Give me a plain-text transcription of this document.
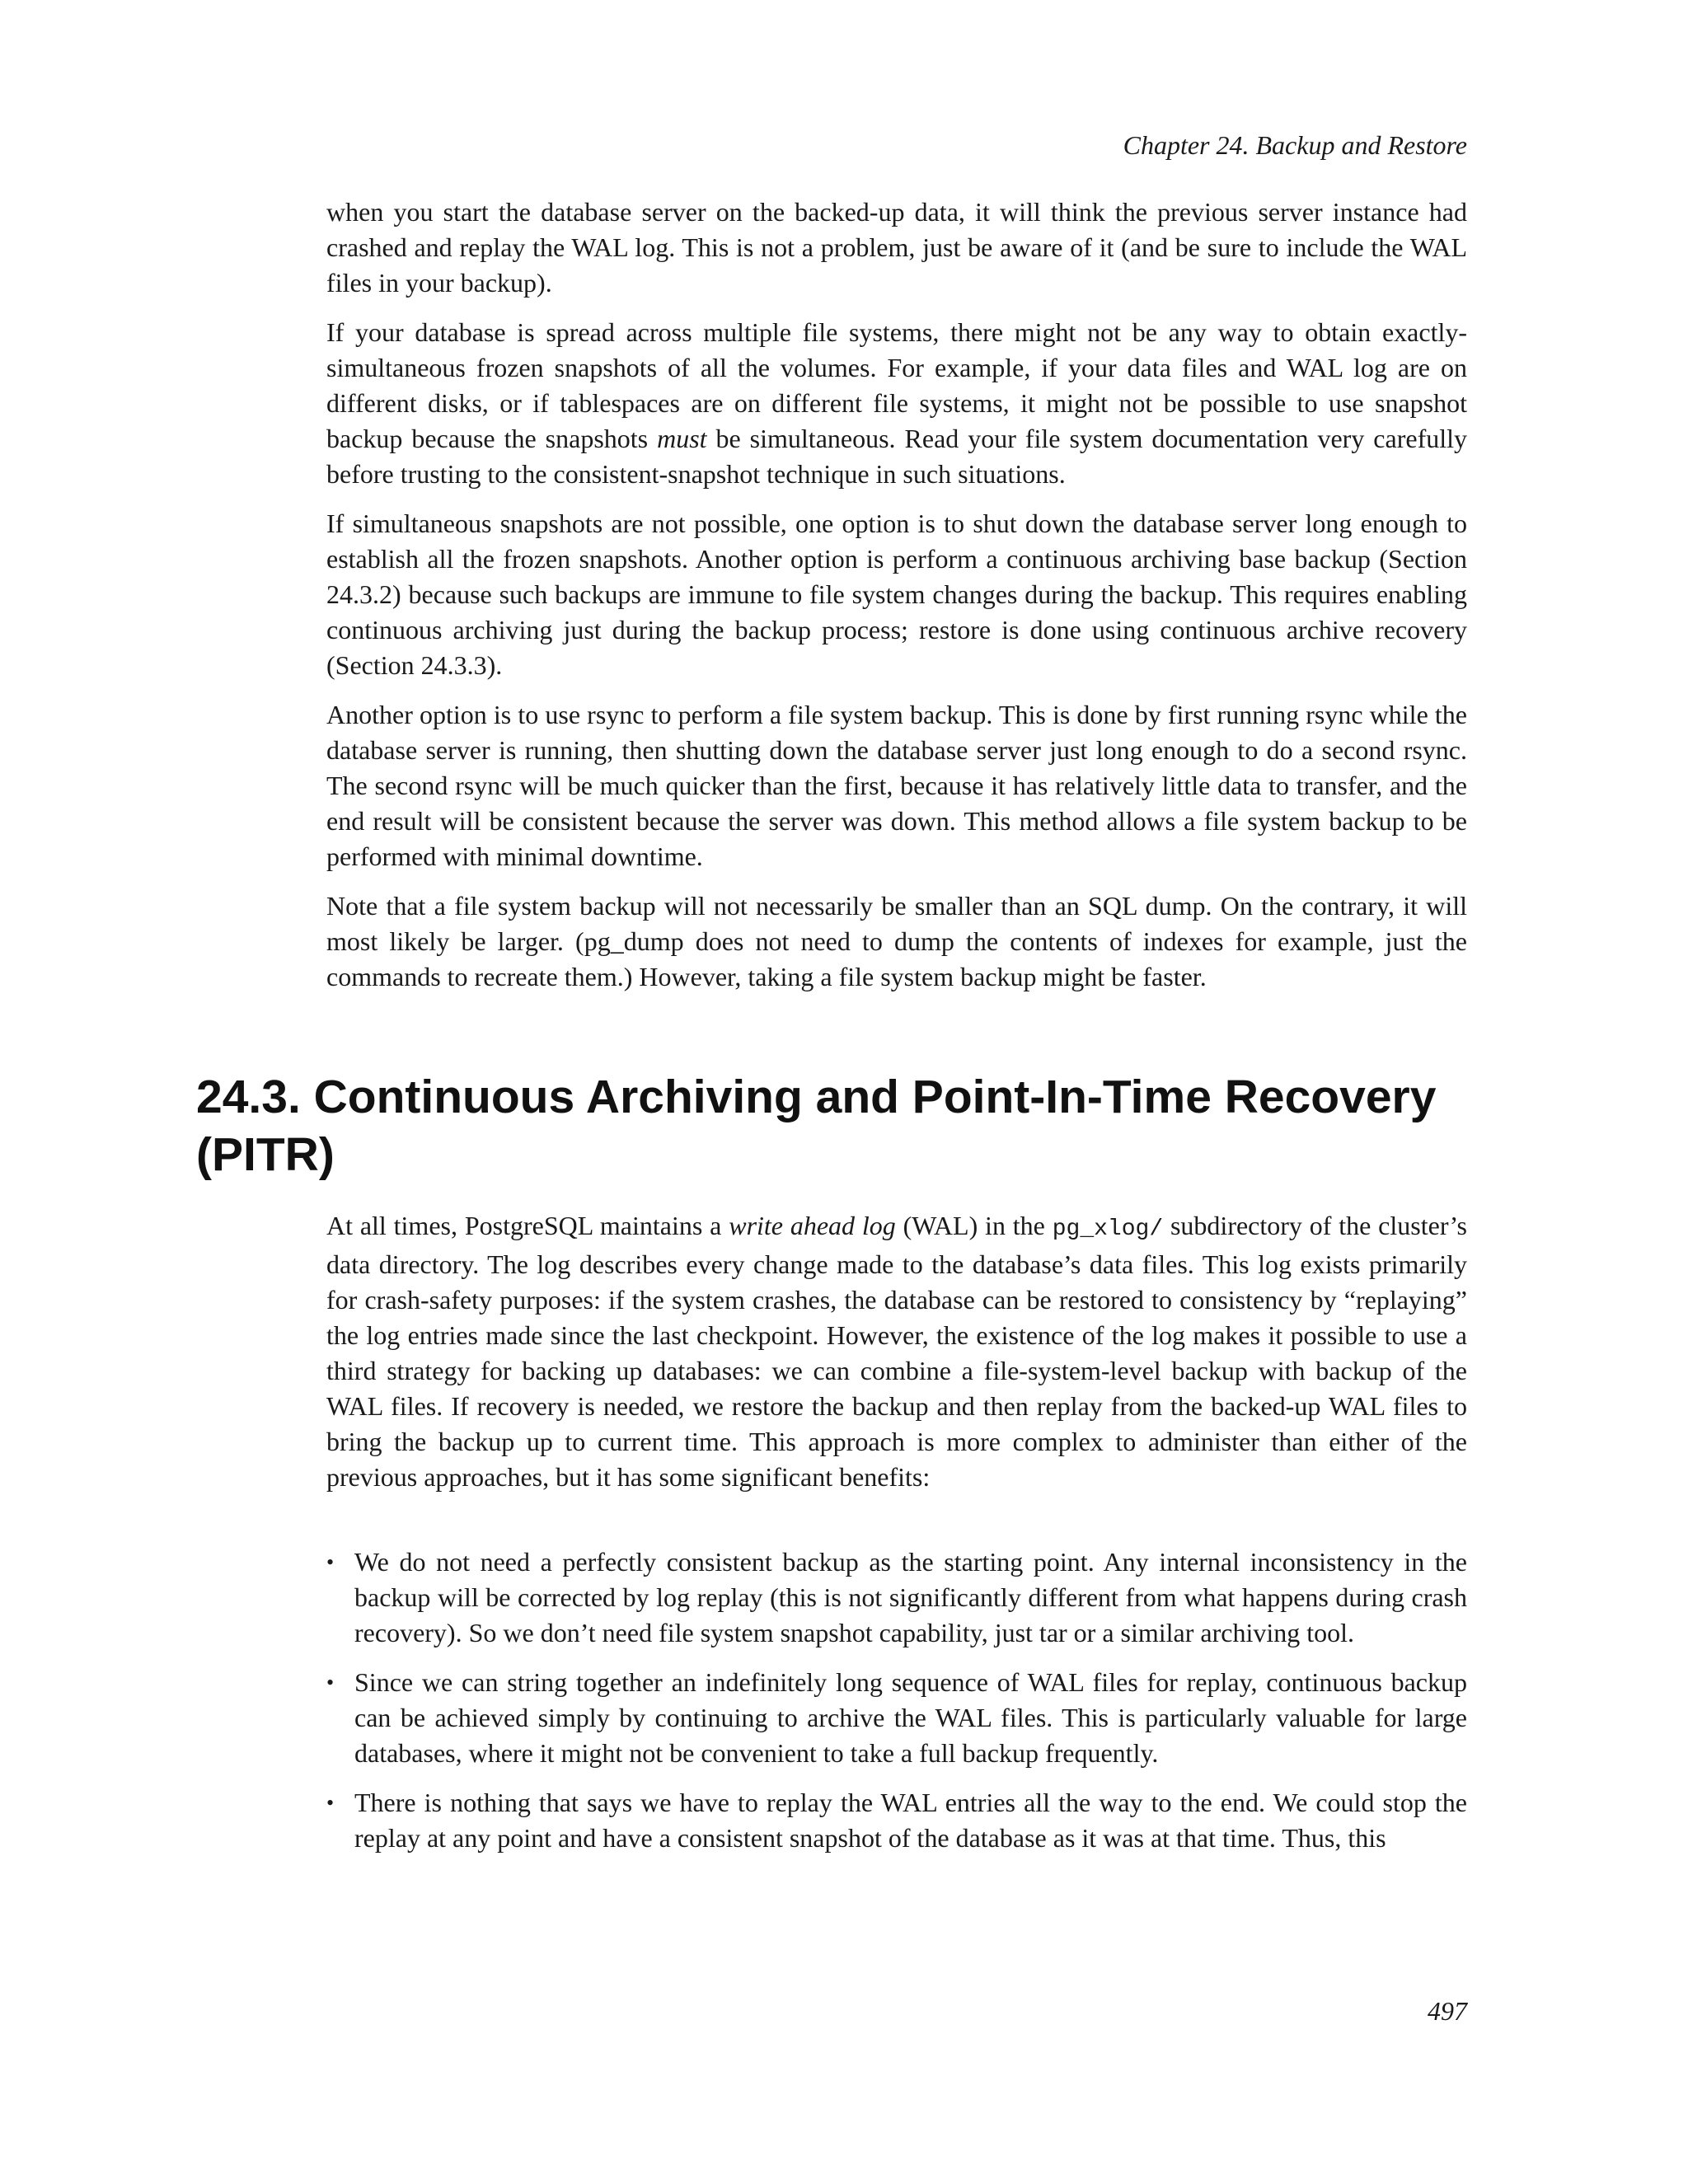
Chapter 24. Backup and Restore

when you start the database server on the backed-up data, it will think the previous server instance had crashed and replay the WAL log. This is not a problem, just be aware of it (and be sure to include the WAL files in your backup).

If your database is spread across multiple file systems, there might not be any way to obtain exactly-simultaneous frozen snapshots of all the volumes. For example, if your data files and WAL log are on different disks, or if tablespaces are on different file systems, it might not be possible to use snapshot backup because the snapshots must be simultaneous. Read your file system documentation very carefully before trusting to the consistent-snapshot technique in such situations.

If simultaneous snapshots are not possible, one option is to shut down the database server long enough to establish all the frozen snapshots. Another option is perform a continuous archiving base backup (Section 24.3.2) because such backups are immune to file system changes during the backup. This requires enabling continuous archiving just during the backup process; restore is done using continuous archive recovery (Section 24.3.3).

Another option is to use rsync to perform a file system backup. This is done by first running rsync while the database server is running, then shutting down the database server just long enough to do a second rsync. The second rsync will be much quicker than the first, because it has relatively little data to transfer, and the end result will be consistent because the server was down. This method allows a file system backup to be performed with minimal downtime.

Note that a file system backup will not necessarily be smaller than an SQL dump. On the contrary, it will most likely be larger. (pg_dump does not need to dump the contents of indexes for example, just the commands to recreate them.) However, taking a file system backup might be faster.

24.3. Continuous Archiving and Point-In-Time Recovery
(PITR)

At all times, PostgreSQL maintains a write ahead log (WAL) in the pg_xlog/ subdirectory of the cluster’s data directory. The log describes every change made to the database’s data files. This log exists primarily for crash-safety purposes: if the system crashes, the database can be restored to consistency by “replaying” the log entries made since the last checkpoint. However, the existence of the log makes it possible to use a third strategy for backing up databases: we can combine a file-system-level backup with backup of the WAL files. If recovery is needed, we restore the backup and then replay from the backed-up WAL files to bring the backup up to current time. This approach is more complex to administer than either of the previous approaches, but it has some significant benefits:

• We do not need a perfectly consistent backup as the starting point. Any internal inconsistency in the backup will be corrected by log replay (this is not significantly different from what happens during crash recovery). So we don’t need file system snapshot capability, just tar or a similar archiving tool.
• Since we can string together an indefinitely long sequence of WAL files for replay, continuous backup can be achieved simply by continuing to archive the WAL files. This is particularly valuable for large databases, where it might not be convenient to take a full backup frequently.
• There is nothing that says we have to replay the WAL entries all the way to the end. We could stop the replay at any point and have a consistent snapshot of the database as it was at that time. Thus, this

497
